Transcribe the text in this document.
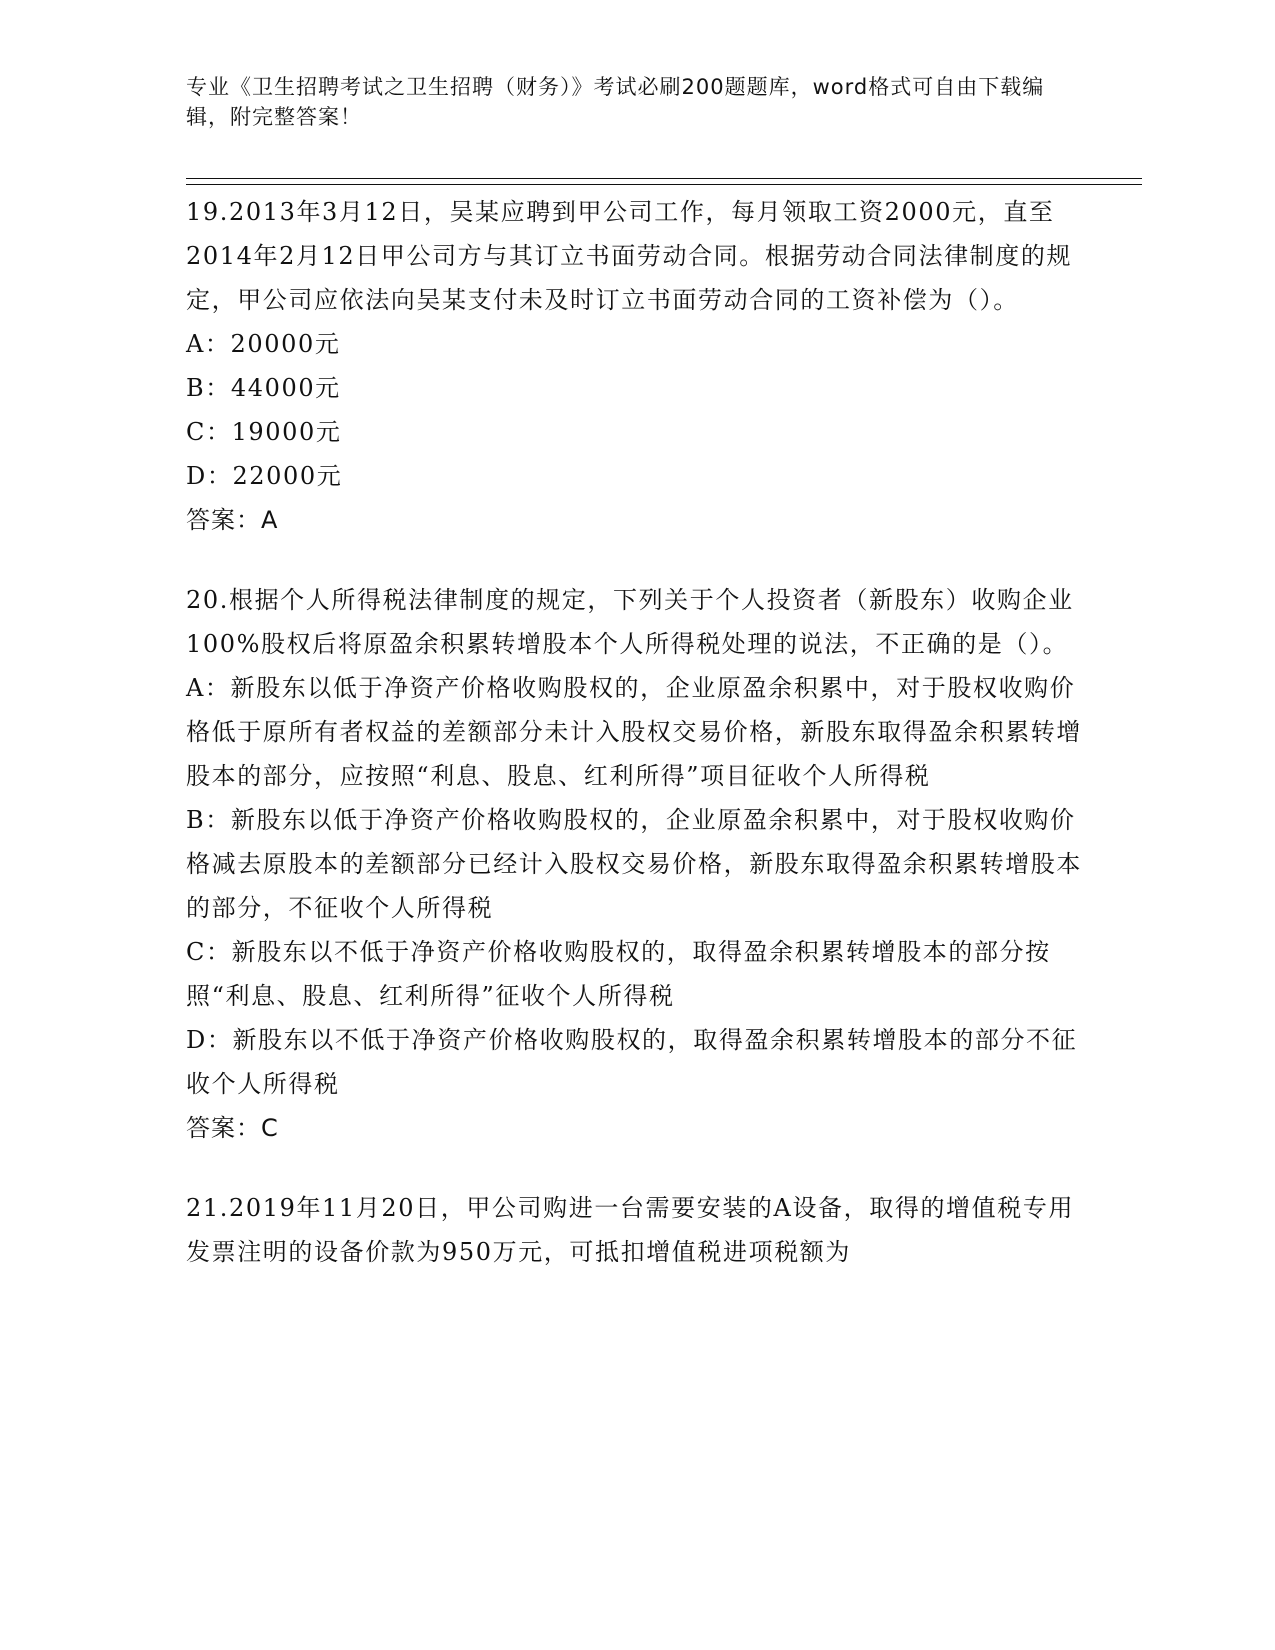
专业《卫生招聘考试之卫生招聘（财务）》考试必刷200题题库，word格式可自由下载编辑，附完整答案！

19.2013年3月12日，吴某应聘到甲公司工作，每月领取工资2000元，直至2014年2月12日甲公司方与其订立书面劳动合同。根据劳动合同法律制度的规定，甲公司应依法向吴某支付未及时订立书面劳动合同的工资补偿为（）。

A：20000元

B：44000元

C：19000元

D：22000元

答案：A

20.根据个人所得税法律制度的规定，下列关于个人投资者（新股东）收购企业100%股权后将原盈余积累转增股本个人所得税处理的说法，不正确的是（）。

A：新股东以低于净资产价格收购股权的，企业原盈余积累中，对于股权收购价格低于原所有者权益的差额部分未计入股权交易价格，新股东取得盈余积累转增股本的部分，应按照“利息、股息、红利所得”项目征收个人所得税

B：新股东以低于净资产价格收购股权的，企业原盈余积累中，对于股权收购价格减去原股本的差额部分已经计入股权交易价格，新股东取得盈余积累转增股本的部分，不征收个人所得税

C：新股东以不低于净资产价格收购股权的，取得盈余积累转增股本的部分按照“利息、股息、红利所得”征收个人所得税

D：新股东以不低于净资产价格收购股权的，取得盈余积累转增股本的部分不征收个人所得税

答案：C

21.2019年11月20日，甲公司购进一台需要安装的A设备，取得的增值税专用发票注明的设备价款为950万元，可抵扣增值税进项税额为
